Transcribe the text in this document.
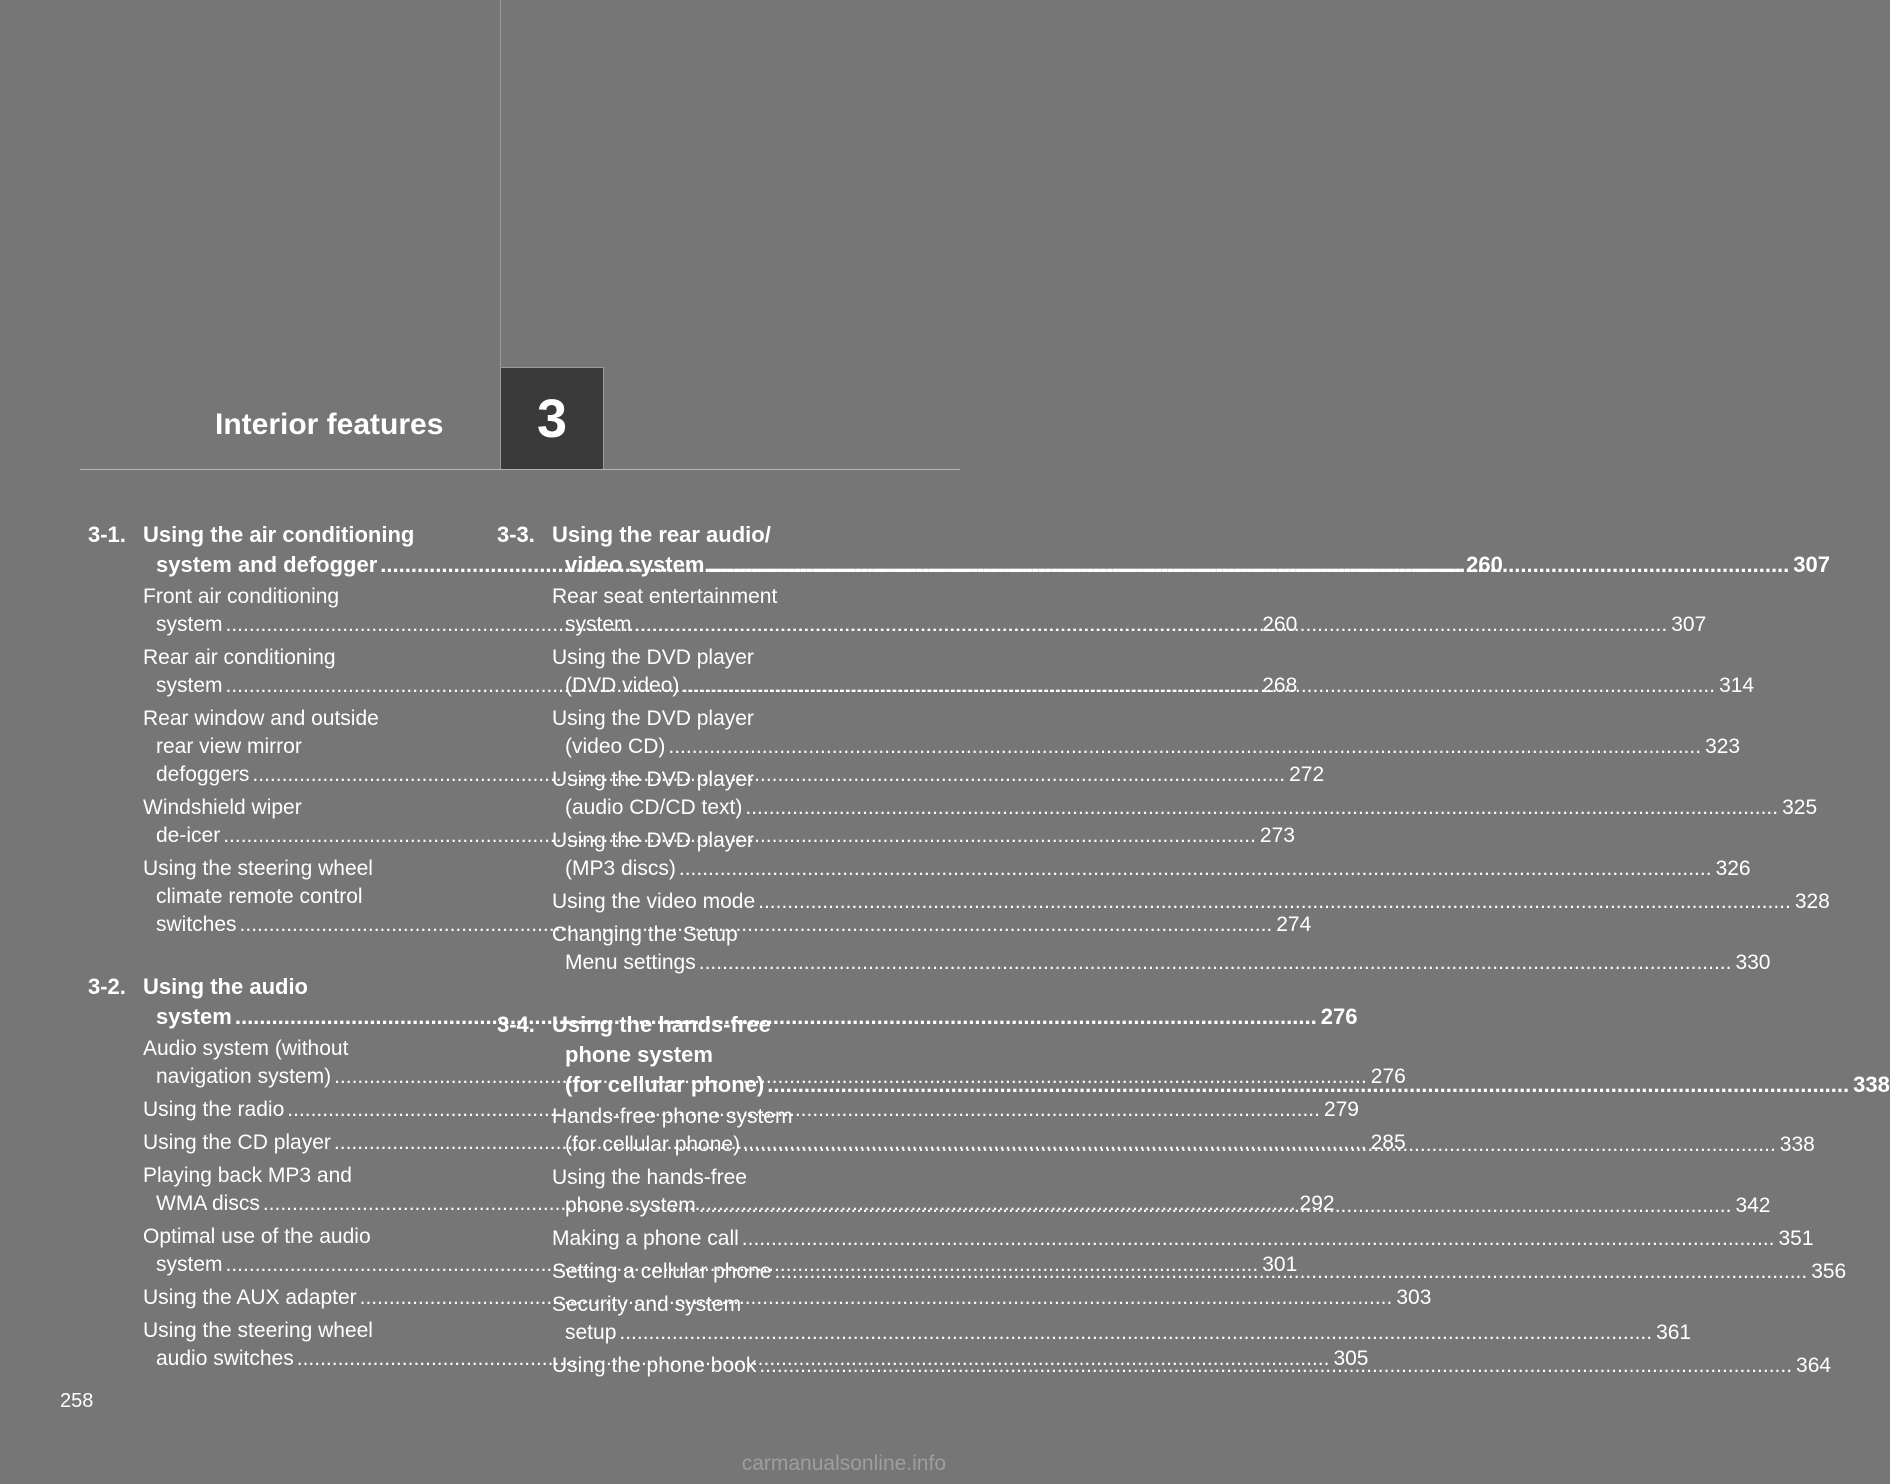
Interior features 3
3-1. Using the air conditioning
system and defogger .....	260
Front air conditioning
system .....	260
Rear air conditioning
system .....	268
Rear window and outside
rear view mirror
defoggers .....	272
Windshield wiper
de-icer .....	273
Using the steering wheel
climate remote control
switches .....	274
3-2. Using the audio
system .....	276
Audio system (without
navigation system) .....	276
Using the radio .....	279
Using the CD player .....	285
Playing back MP3 and
WMA discs .....	292
Optimal use of the audio
system .....	301
Using the AUX adapter .....	303
Using the steering wheel
audio switches .....	305
3-3. Using the rear audio/
video system .....	307
Rear seat entertainment
system .....	307
Using the DVD player
(DVD video) .....	314
Using the DVD player
(video CD) .....	323
Using the DVD player
(audio CD/CD text) .....	325
Using the DVD player
(MP3 discs) .....	326
Using the video mode .....	328
Changing the Setup
Menu settings .....	330
3-4. Using the hands-free
phone system
(for cellular phone) .....	338
Hands-free phone system
(for cellular phone) .....	338
Using the hands-free
phone system .....	342
Making a phone call .....	351
Setting a cellular phone .....	356
Security and system
setup .....	361
Using the phone book .....	364
258
carmanualsonline.info
